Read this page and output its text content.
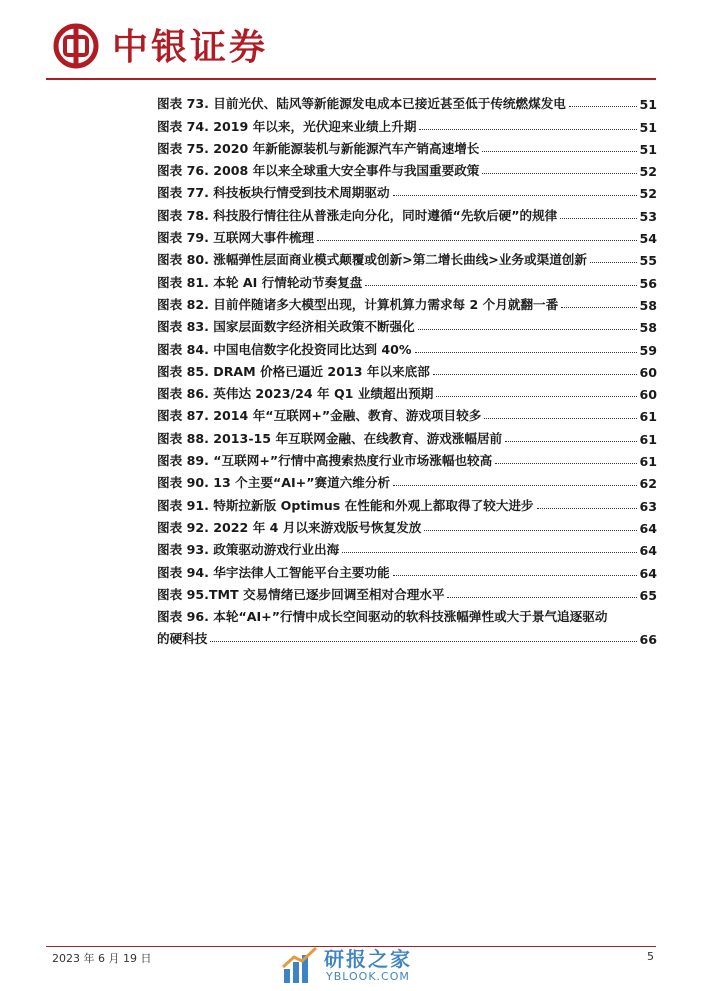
中银证券
图表 73. 目前光伏、陆风等新能源发电成本已接近甚至低于传统燃煤发电	51
图表 74. 2019 年以来，光伏迎来业绩上升期	51
图表 75. 2020 年新能源装机与新能源汽车产销高速增长	51
图表 76. 2008 年以来全球重大安全事件与我国重要政策	52
图表 77. 科技板块行情受到技术周期驱动	52
图表 78. 科技股行情往往从普涨走向分化，同时遵循“先软后硬”的规律	53
图表 79. 互联网大事件梳理	54
图表 80. 涨幅弹性层面商业模式颠覆或创新>第二增长曲线>业务或渠道创新	55
图表 81. 本轮 AI 行情轮动节奏复盘	56
图表 82. 目前伴随诸多大模型出现，计算机算力需求每 2 个月就翻一番	58
图表 83. 国家层面数字经济相关政策不断强化	58
图表 84. 中国电信数字化投资同比达到 40%	59
图表 85. DRAM 价格已逼近 2013 年以来底部	60
图表 86. 英伟达 2023/24 年 Q1 业绩超出预期	60
图表 87. 2014 年“互联网+”金融、教育、游戏项目较多	61
图表 88. 2013-15 年互联网金融、在线教育、游戏涨幅居前	61
图表 89. “互联网+”行情中高搜索热度行业市场涨幅也较高	61
图表 90. 13 个主要“AI+”赛道六维分析	62
图表 91. 特斯拉新版 Optimus 在性能和外观上都取得了较大进步	63
图表 92. 2022 年 4 月以来游戏版号恢复发放	64
图表 93. 政策驱动游戏行业出海	64
图表 94. 华宇法律人工智能平台主要功能	64
图表 95.TMT 交易情绪已逐步回调至相对合理水平	65
图表 96. 本轮“AI+”行情中成长空间驱动的软科技涨幅弹性或大于景气追逐驱动
的硬科技	66
2023 年 6 月 19 日	5
研报之家
YBLOOK.COM
